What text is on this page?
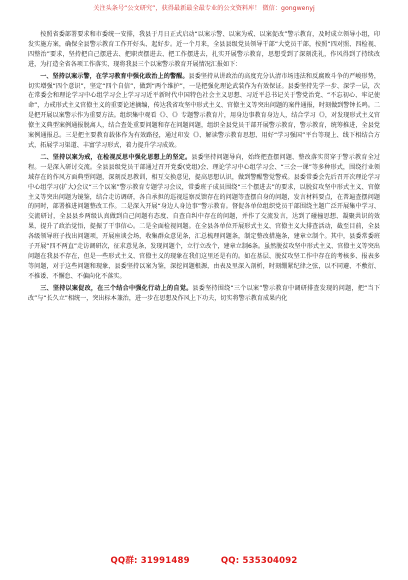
关注头条号“公文研究”，获得最新最全最专业的公文资料库！ 微信：gongwenyj

按照省委部署要求和市委统一安排，我县于月日正式启动“以案示警、以案为戒、以案促改”警示教育，及时成立领导小组，印发实施方案，确保全县警示教育工作开好头、起好步。近一个月来，全县县级党员领导干部“大党员干部，按照“四对照、四检视、四整治”要求，坚持把自己摆进去、把职责摆进去、把工作摆进去，扎实开展警示教育，思想受到了深刻洗礼，作风得到了持续改进，为打造全省各项工作落实、现将我县三个以案警示教育开展情况汇报如下：

一、坚持以案示警，在学习教育中强化政治上的警醒。县委坚持从讲政治的高度充分认清市场违法和反腐败斗争的严峻形势，切实增强“四个意识”，坚定“四个自信”，做到“两个维护”，一是把强化理论武装作为有效保证。县委坚持先学一步、深学一层，次在常委会和理论学习中心组学习会上学习习近平新时代中国特色社会主义思想、习近平总书记关于警党治党、“不忘初心、牢记使命”，力戒形式主义官僚主义的重要论述摘编，传达我省攻坚中形式主义、官僚主义等突出问题的案件通报，时刻做到警钟长鸣。二是把开展以案警示作为重要方法。组织集中观看《》、《》专题警示教育片，用身边事教育身边人，结合学习《》，对发现形式主义官僚主义典型案例通报脱离人，结合查处重要问题和存在问题问题，组织全县党员干部开展警示教育，警示教育，统筹推进，全县党案例通报总。三是把主要教育载体作为有效路径，通过印发《》、解读警示教育思想、用好“学习强国”平台等现上、线下相结合方式，拓展学习渠道、丰富学习形式，着力提升学习成效。

二、坚持以案为戒，在检视反思中强化思想上的坚定。县委坚持问题导向，始终把查摆问题、整改落实贯穿于警示教育全过程。一是深入研讨交流。全县县级党员干部通过召开党委(党组)会、理论学习中心组学习会、“三会一课”等多种形式，围绕行业领域存在的作风方面典型问题，深刻反思教训，相互交换意见，提高思想认识，做到警醒警觉警戒。县委常委会先后召开次理论学习中心组学习(扩大)会议“三个以案”警示教育专题学习会议，常委班子成员围绕“三个摆进去”的要求，以脱贫攻坚中形式主义、官僚主义等突出问题为镜鉴，结合走访调研，各自承担的巡视巡察反馈存在的问题等查摆自身的问题，发言材料要点，在普遍查摆问题的同时，部署推进问题整改工作。二是深入开展“身边人身边事”警示教育。督促各单位组织党员干部围绕主题广泛开展集中学习、交流研讨，全县县乡两级认真做到自己问题有态度、自查自纠中存在的问题，并作了交流发言，达到了碰撞思想、凝聚共识的效果，提升了政治觉悟，提振了干事信心。二是全面检视问题。在全县各单位开展形式主义、官僚主义大排查活动，截至目前，全县各级领导班子找出问题项，开展座谈会场，收集群众意见条，汇总梳理问题条，制定整改措施条，建章立制个。其中，县委常委班子开展“四不两直”走访调研次，征求意见条，发现问题个，立行立改个，建章立制6条。虽然脱贫攻坚中形式主义、官僚主义等突出问题在我县不存在，但是一些形式主义、官僚主义的现象在我们这里还是有的。如在基层、脱贫攻坚工作中存在的考核多、报表多等问题，对于这些问题和现象，县委坚持以案为鉴，深挖问题根源，由表及里深入剖析，时刻绷紧纪律之弦，以不同避、不敷衍、不推诿、不懈怠、不偏向化不落实。

三、坚持以案促改，在三个结合中强化行动上的自觉。县委坚持围绕“三个以案”警示教育中调研排查发现的问题，把“当下改”与“长久立”相统一，突出标本兼治，进一步在思想及作风上下功夫，切实将警示教育成果内化

QQ群: 31991489	QQ: 535304092
